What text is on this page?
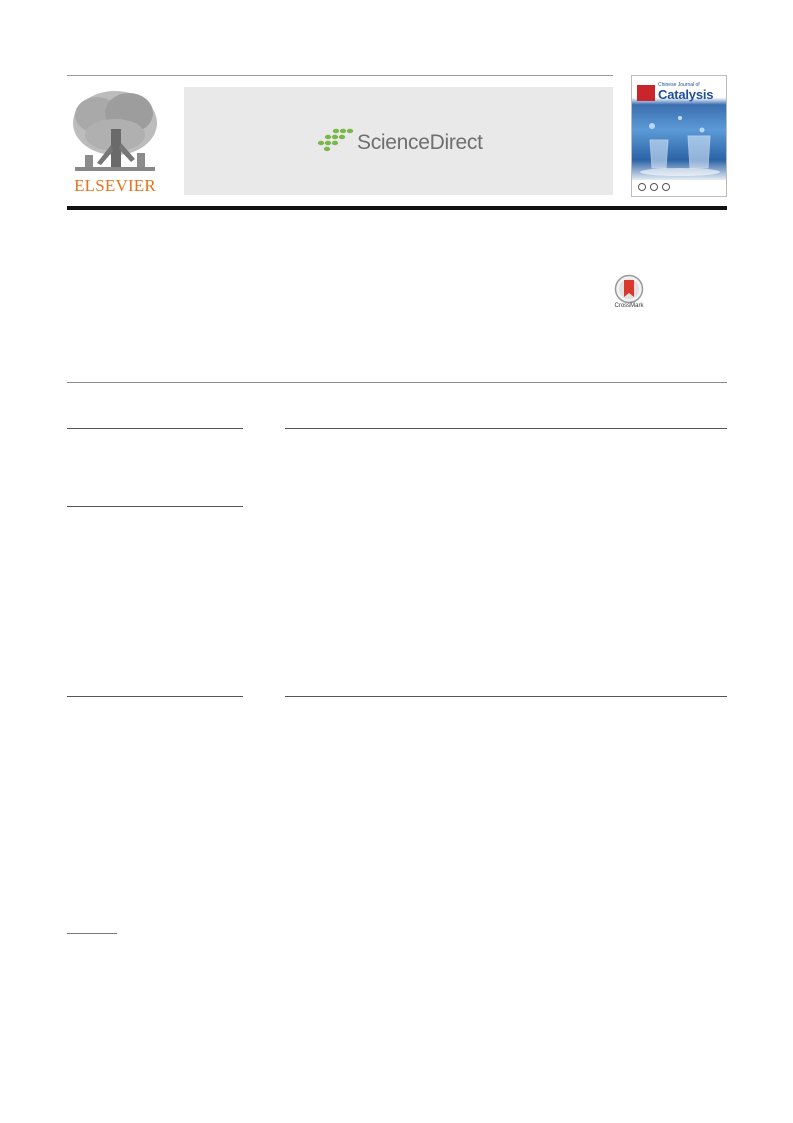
ELSEVIER
ScienceDirect
Chinese Journal of
Catalysis
CrossMark
